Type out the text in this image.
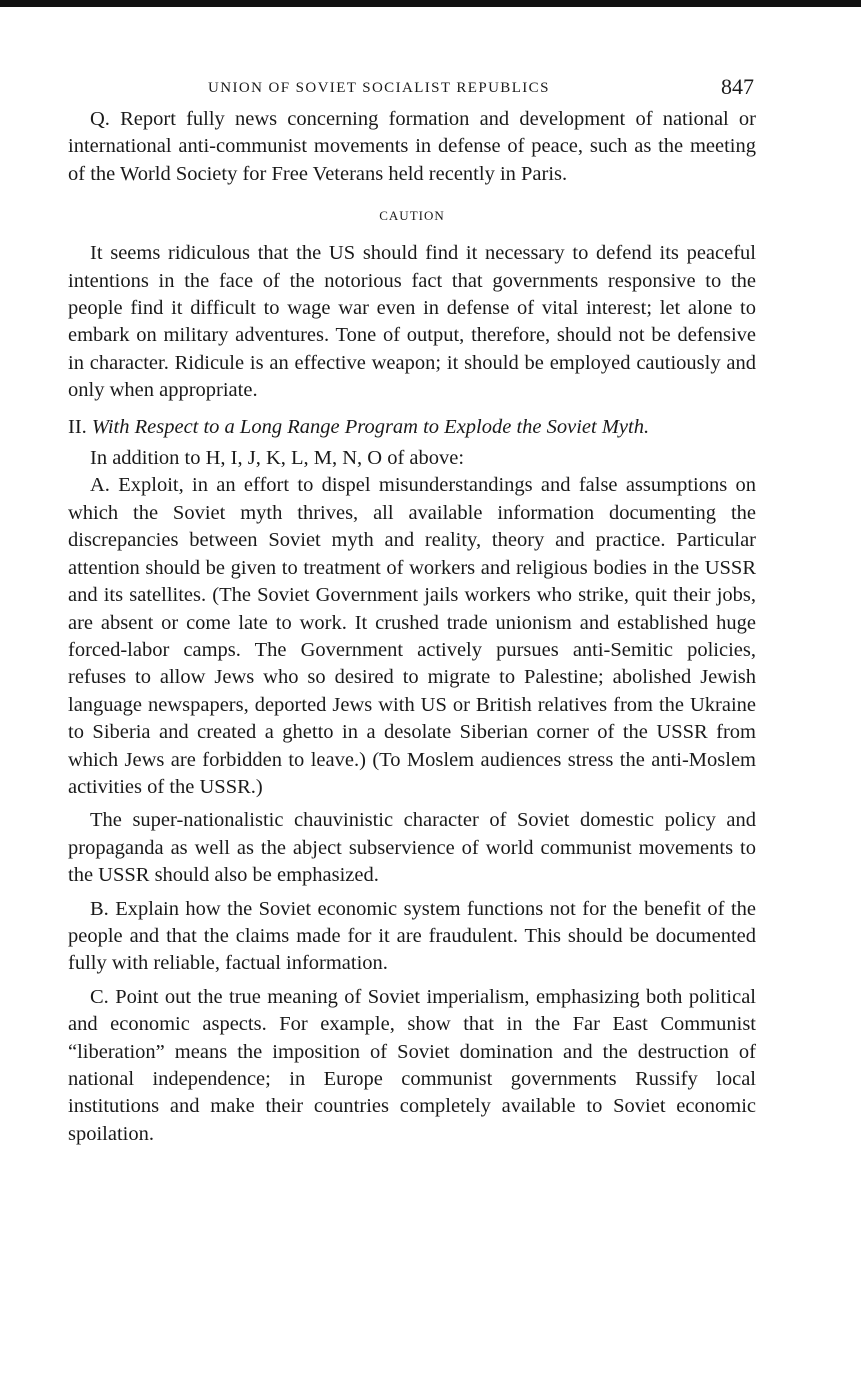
UNION OF SOVIET SOCIALIST REPUBLICS	847

Q. Report fully news concerning formation and development of national or international anti-communist movements in defense of peace, such as the meeting of the World Society for Free Veterans held recently in Paris.

CAUTION

It seems ridiculous that the US should find it necessary to defend its peaceful intentions in the face of the notorious fact that governments responsive to the people find it difficult to wage war even in defense of vital interest; let alone to embark on military adventures. Tone of output, therefore, should not be defensive in character. Ridicule is an effective weapon; it should be employed cautiously and only when appropriate.

II. With Respect to a Long Range Program to Explode the Soviet Myth.

In addition to H, I, J, K, L, M, N, O of above:

A. Exploit, in an effort to dispel misunderstandings and false assumptions on which the Soviet myth thrives, all available information documenting the discrepancies between Soviet myth and reality, theory and practice. Particular attention should be given to treatment of workers and religious bodies in the USSR and its satellites. (The Soviet Government jails workers who strike, quit their jobs, are absent or come late to work. It crushed trade unionism and established huge forced-labor camps. The Government actively pursues anti-Semitic policies, refuses to allow Jews who so desired to migrate to Palestine; abolished Jewish language newspapers, deported Jews with US or British relatives from the Ukraine to Siberia and created a ghetto in a desolate Siberian corner of the USSR from which Jews are forbidden to leave.) (To Moslem audiences stress the anti-Moslem activities of the USSR.)

The super-nationalistic chauvinistic character of Soviet domestic policy and propaganda as well as the abject subservience of world communist movements to the USSR should also be emphasized.

B. Explain how the Soviet economic system functions not for the benefit of the people and that the claims made for it are fraudulent. This should be documented fully with reliable, factual information.

C. Point out the true meaning of Soviet imperialism, emphasizing both political and economic aspects. For example, show that in the Far East Communist “liberation” means the imposition of Soviet domination and the destruction of national independence; in Europe communist governments Russify local institutions and make their countries completely available to Soviet economic spoilation.
